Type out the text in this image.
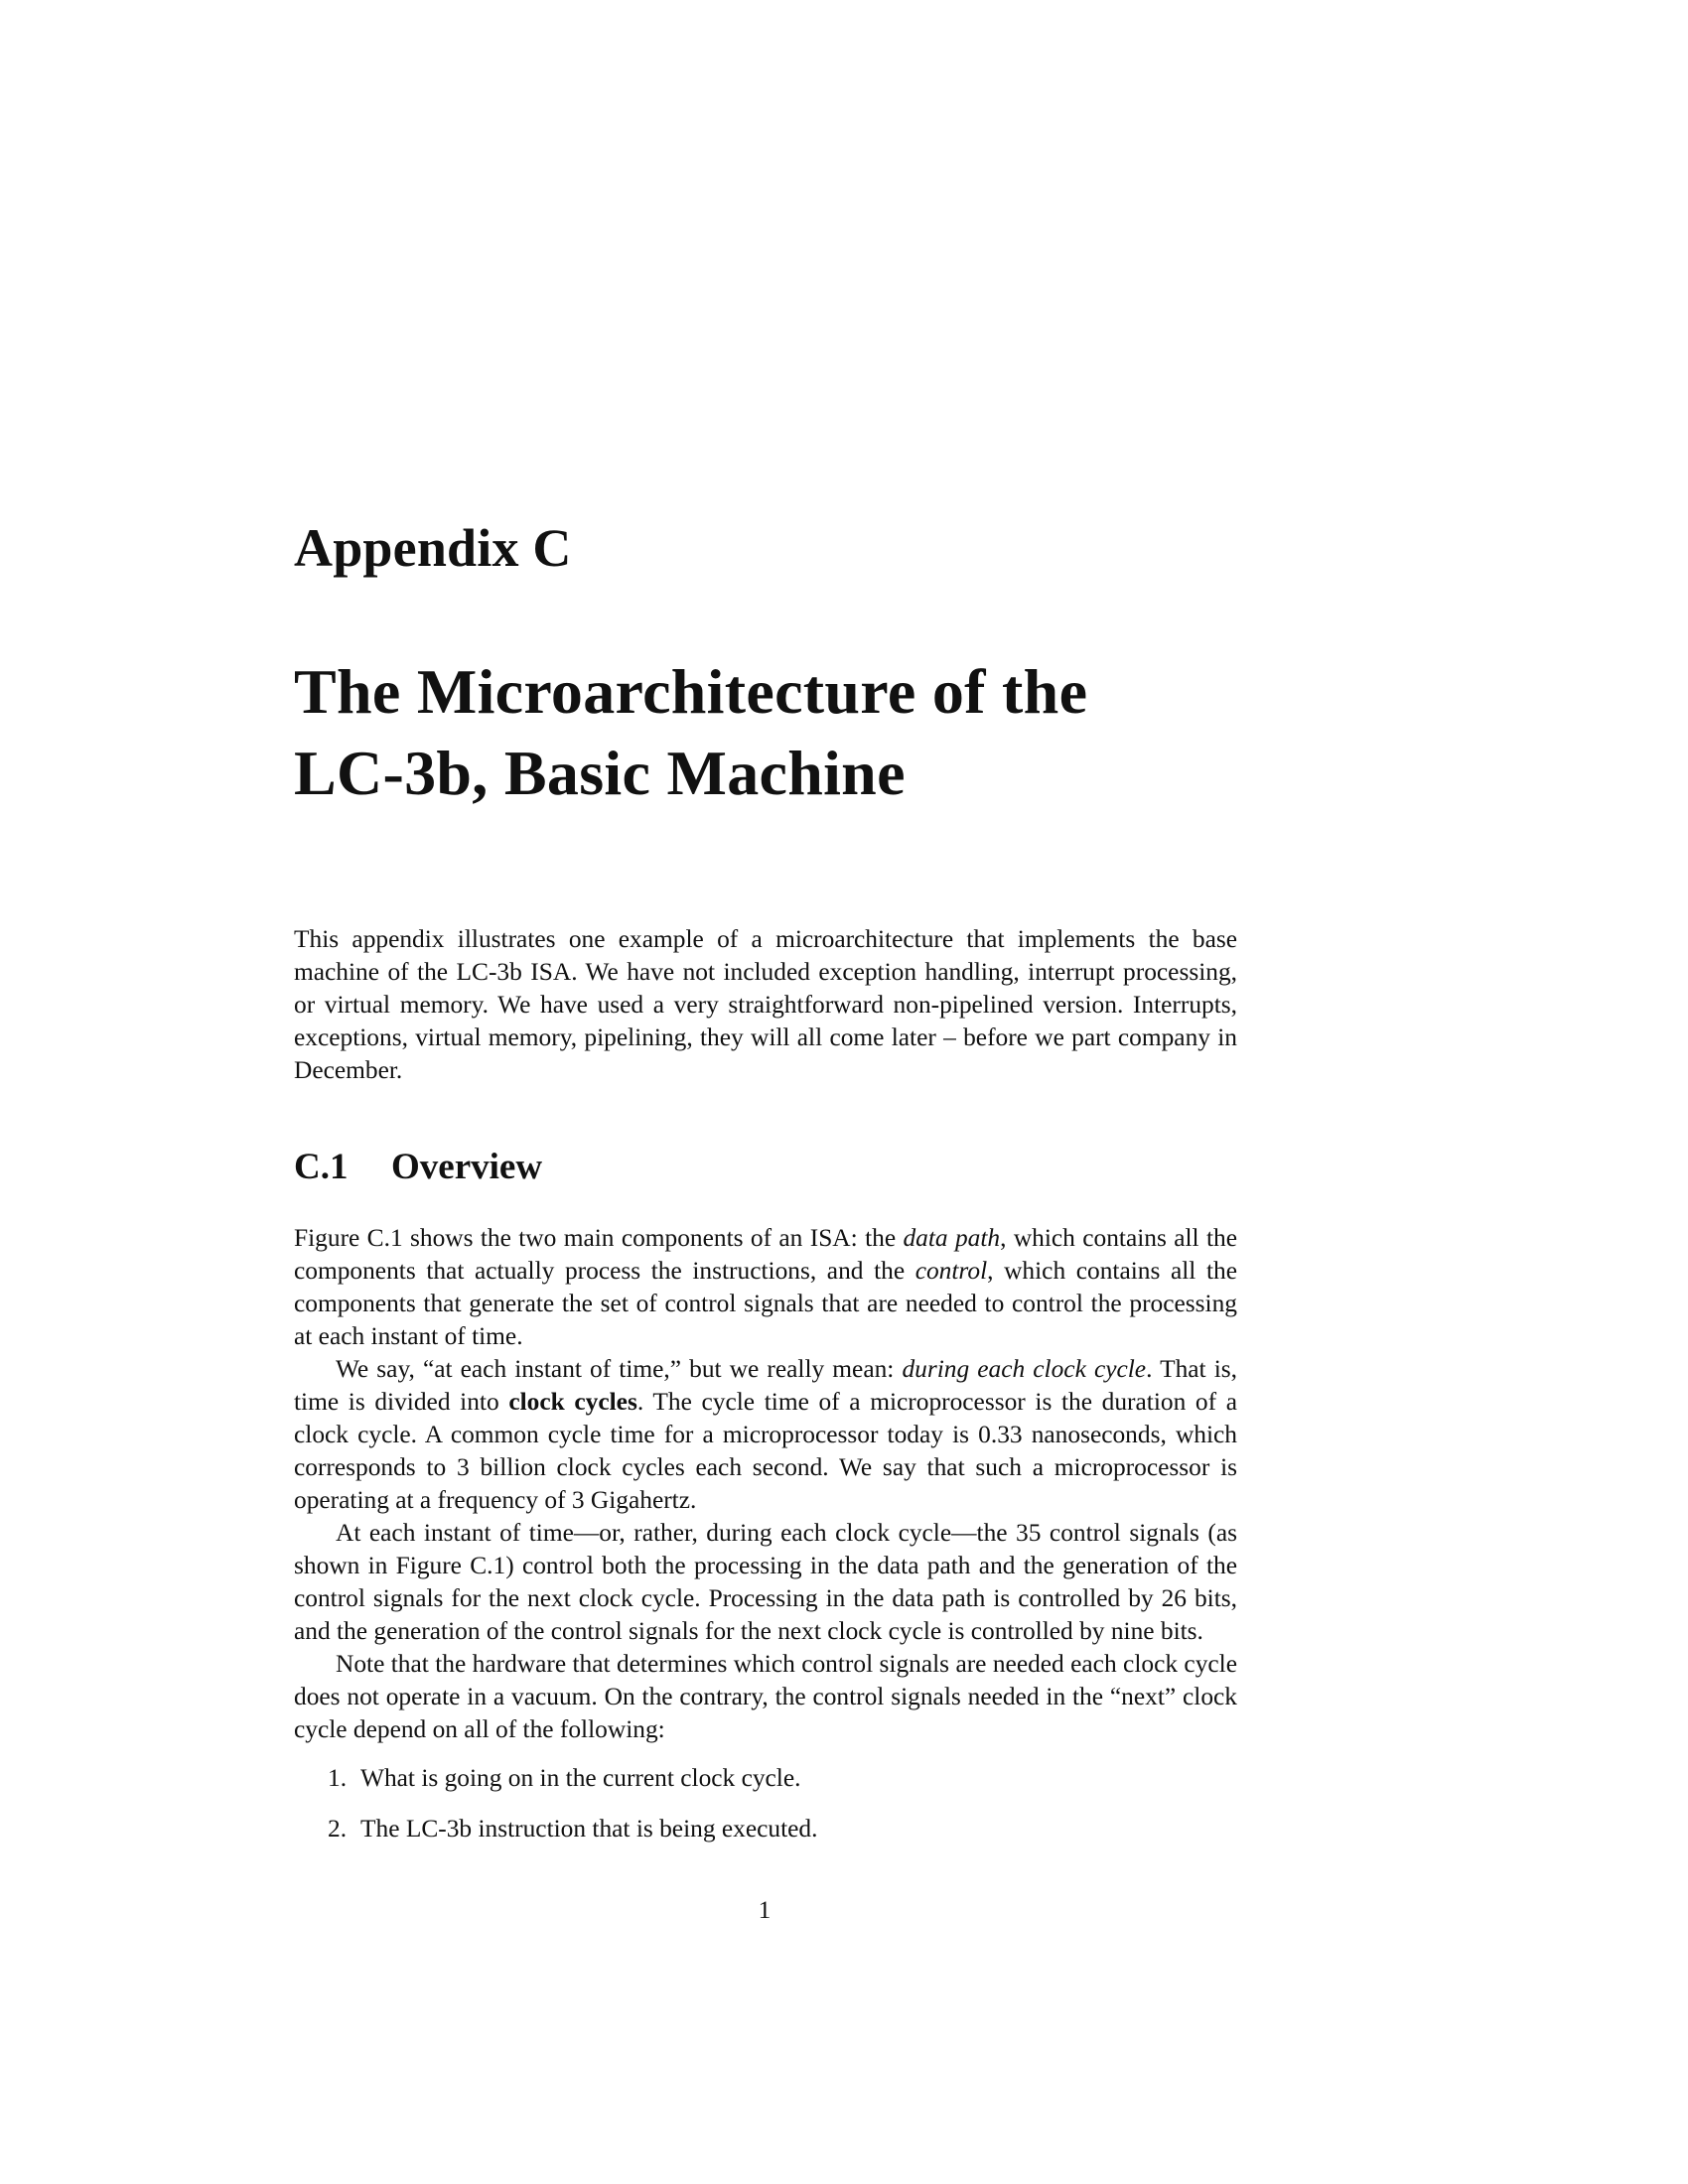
Appendix C
The Microarchitecture of the
LC-3b, Basic Machine

This appendix illustrates one example of a microarchitecture that implements the base machine of the LC-3b ISA. We have not included exception handling, interrupt processing, or virtual memory. We have used a very straightforward non-pipelined version. Interrupts, exceptions, virtual memory, pipelining, they will all come later – before we part company in December.

C.1 Overview

Figure C.1 shows the two main components of an ISA: the data path, which contains all the components that actually process the instructions, and the control, which contains all the components that generate the set of control signals that are needed to control the processing at each instant of time.

We say, “at each instant of time,” but we really mean: during each clock cycle. That is, time is divided into clock cycles. The cycle time of a microprocessor is the duration of a clock cycle. A common cycle time for a microprocessor today is 0.33 nanoseconds, which corresponds to 3 billion clock cycles each second. We say that such a microprocessor is operating at a frequency of 3 Gigahertz.

At each instant of time—or, rather, during each clock cycle—the 35 control signals (as shown in Figure C.1) control both the processing in the data path and the generation of the control signals for the next clock cycle. Processing in the data path is controlled by 26 bits, and the generation of the control signals for the next clock cycle is controlled by nine bits.

Note that the hardware that determines which control signals are needed each clock cycle does not operate in a vacuum. On the contrary, the control signals needed in the “next” clock cycle depend on all of the following:

1. What is going on in the current clock cycle.
2. The LC-3b instruction that is being executed.
1
